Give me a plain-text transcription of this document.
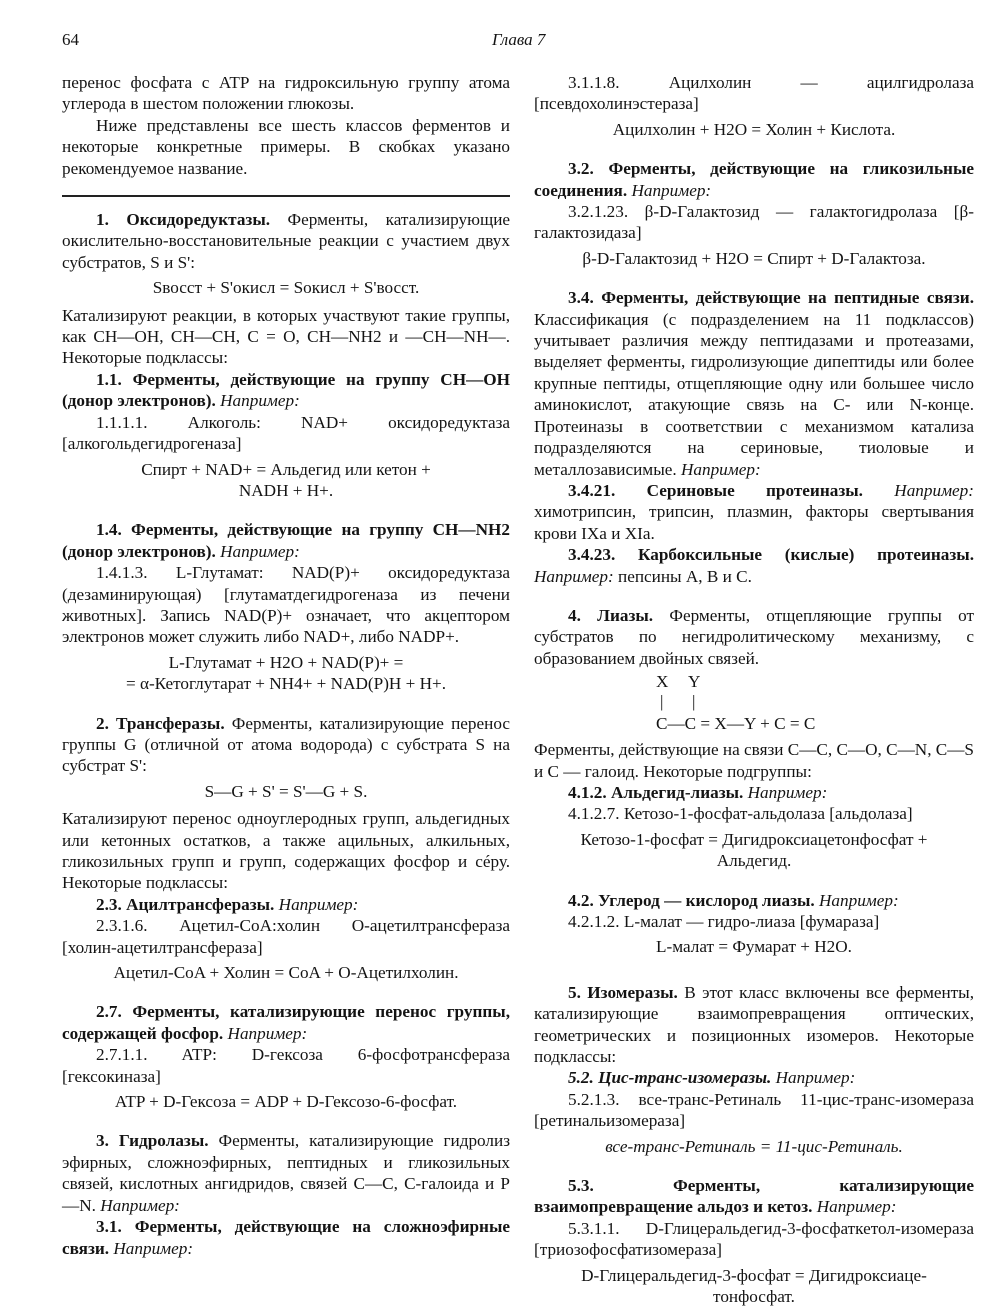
64	Глава 7

перенос фосфата с ATP на гидроксильную группу атома углерода в шестом положении глюкозы.

Ниже представлены все шесть классов ферментов и некоторые конкретные примеры. В скобках указано рекомендуемое название.

1. Оксидоредуктазы. Ферменты, катализирующие окислительно-восстановительные реакции с участием двух субстратов, S и S':

Sвосст + S'окисл = Sокисл + S'восст.

Катализируют реакции, в которых участвуют такие группы, как CH—OH, CH—CH, C = O, CH—NH2 и —CH—NH—. Некоторые подклассы:

1.1. Ферменты, действующие на группу CH—OH (донор электронов). Например:

1.1.1.1. Алкоголь: NAD+ оксидоредуктаза [алкогольдегидрогеназа]

Спирт + NAD+ = Альдегид или кетон +
NADH + H+.

1.4. Ферменты, действующие на группу CH—NH2 (донор электронов). Например:

1.4.1.3. L-Глутамат: NAD(P)+ оксидоредуктаза (дезаминирующая) [глутаматдегидрогеназа из печени животных]. Запись NAD(P)+ означает, что акцептором электронов может служить либо NAD+, либо NADP+.

L-Глутамат + H2O + NAD(P)+ =
= α-Кетоглутарат + NH4+ + NAD(P)H + H+.

2. Трансферазы. Ферменты, катализирующие перенос группы G (отличной от атома водорода) с субстрата S на субстрат S':

S—G + S' = S'—G + S.

Катализируют перенос одноуглеродных групп, альдегидных или кетонных остатков, а также ацильных, алкильных, гликозильных групп и групп, содержащих фосфор и сéру. Некоторые подклассы:

2.3. Ацилтрансферазы. Например:

2.3.1.6. Ацетил-CoA:холин O-ацетилтрансфераза [холин-ацетилтрансфераза]

Ацетил-CoA + Холин = CoA + O-Ацетилхолин.

2.7. Ферменты, катализирующие перенос группы, содержащей фосфор. Например:

2.7.1.1. ATP: D-гексоза 6-фосфотрансфераза [гексокиназа]

ATP + D-Гексоза = ADP + D-Гексозо-6-фосфат.

3. Гидролазы. Ферменты, катализирующие гидролиз эфирных, сложноэфирных, пептидных и гликозильных связей, кислотных ангидридов, связей C—C, C-галоида и P—N. Например:

3.1. Ферменты, действующие на сложноэфирные связи. Например:

3.1.1.8. Ацилхолин — ацилгидролаза [псевдохолинэстераза]

Ацилхолин + H2O = Холин + Кислота.

3.2. Ферменты, действующие на гликозильные соединения. Например:

3.2.1.23. β-D-Галактозид — галактогидролаза [β-галактозидаза]

β-D-Галактозид + H2O = Спирт + D-Галактоза.

3.4. Ферменты, действующие на пептидные связи. Классификация (с подразделением на 11 подклассов) учитывает различия между пептидазами и протеазами, выделяет ферменты, гидролизующие дипептиды или более крупные пептиды, отщепляющие одну или большее число аминокислот, атакующие связь на C- или N-конце. Протеиназы в соответствии с механизмом катализа подразделяются на сериновые, тиоловые и металлозависимые. Например:

3.4.21. Сериновые протеиназы. Например: химотрипсин, трипсин, плазмин, факторы свертывания крови IXa и XIa.

3.4.23. Карбоксильные (кислые) протеиназы. Например: пепсины A, B и C.

4. Лиазы. Ферменты, отщепляющие группы от субстратов по негидролитическому механизму, с образованием двойных связей.

X Y
| |
C—C = X—Y + C = C

Ферменты, действующие на связи C—C, C—O, C—N, C—S и C — галоид. Некоторые подгруппы:

4.1.2. Альдегид-лиазы. Например:

4.1.2.7. Кетозо-1-фосфат-альдолаза [альдолаза]

Кетозо-1-фосфат = Дигидроксиацетонфосфат +
Альдегид.

4.2. Углерод — кислород лиазы. Например:

4.2.1.2. L-малат — гидро-лиаза [фумараза]

L-малат = Фумарат + H2O.

5. Изомеразы. В этот класс включены все ферменты, катализирующие взаимопревращения оптических, геометрических и позиционных изомеров. Некоторые подклассы:

5.2. Цис-транс-изомеразы. Например:

5.2.1.3. все-транс-Ретиналь 11-цис-транс-изомераза [ретинальизомераза]

все-транс-Ретиналь = 11-цис-Ретиналь.

5.3. Ферменты, катализирующие взаимопревращение альдоз и кетоз. Например:

5.3.1.1. D-Глицеральдегид-3-фосфаткетол-изомераза [триозофосфатизомераза]

D-Глицеральдегид-3-фосфат = Дигидроксиаце-
тонфосфат.
